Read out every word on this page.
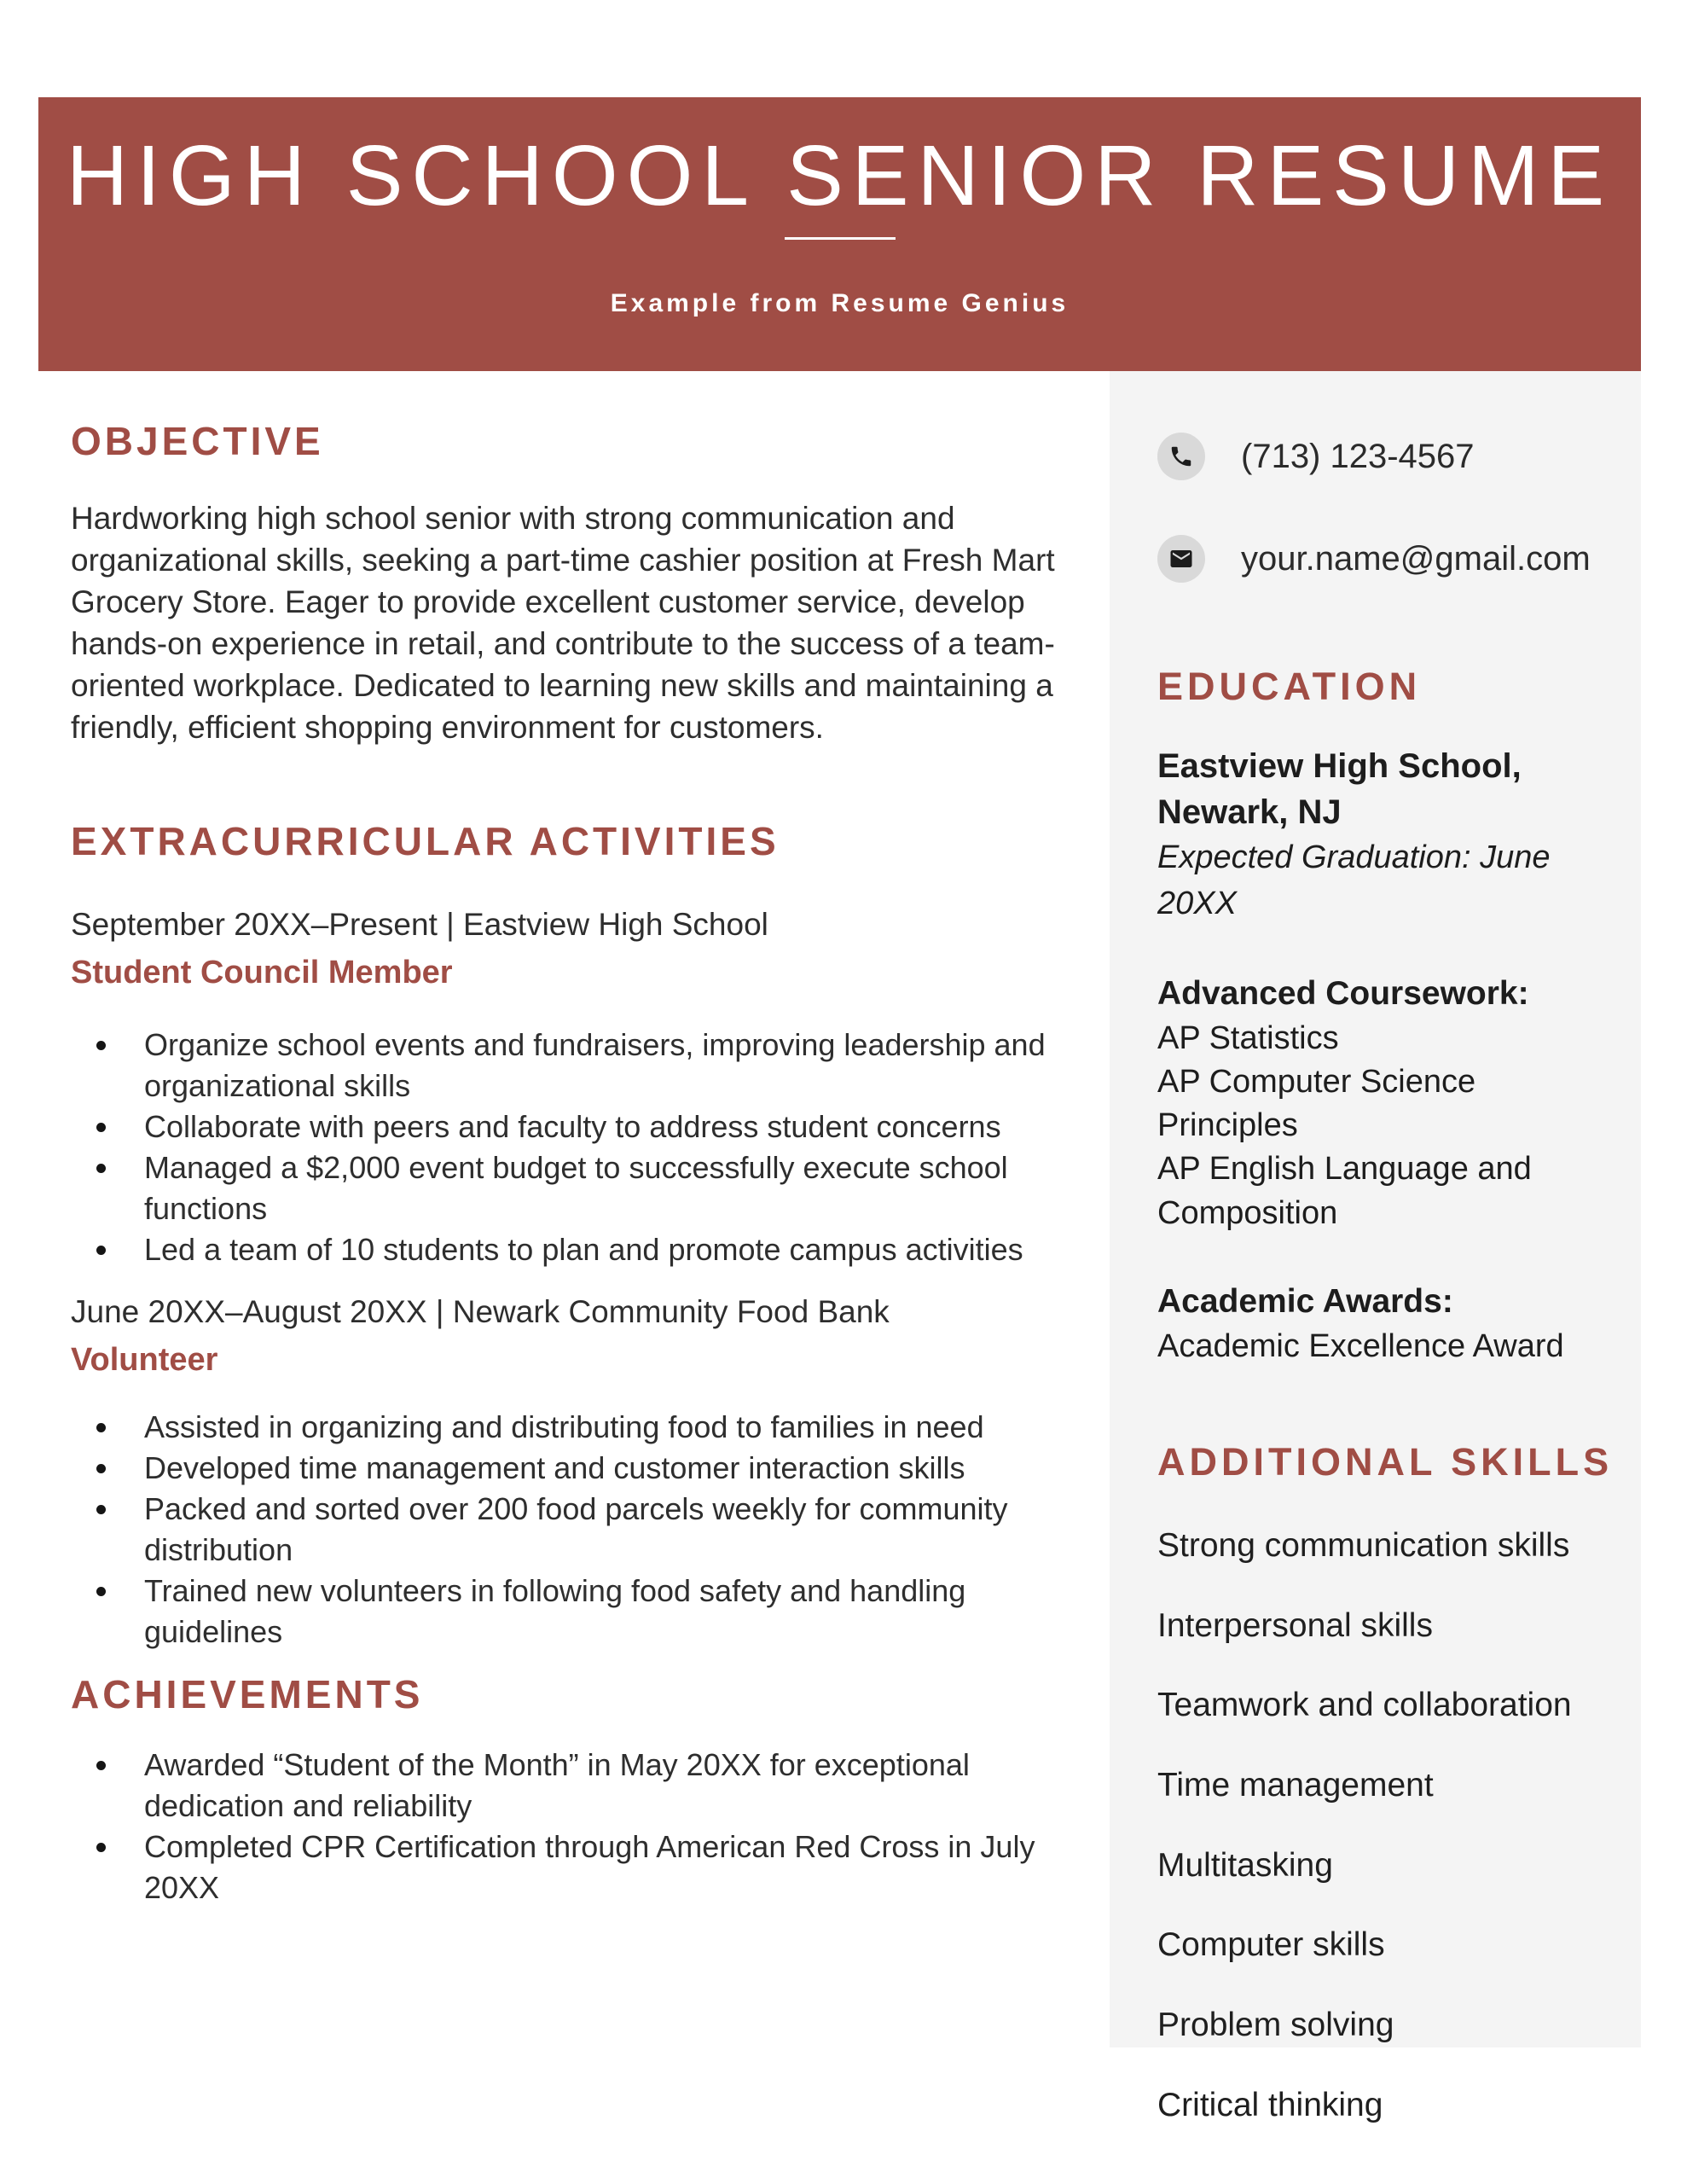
HIGH SCHOOL SENIOR RESUME
Example from Resume Genius
(713) 123-4567
your.name@gmail.com
EDUCATION
Eastview High School,
Newark, NJ
Expected Graduation: June 20XX
Advanced Coursework:
AP Statistics
AP Computer Science Principles
AP English Language and Composition
Academic Awards:
Academic Excellence Award
ADDITIONAL SKILLS
Strong communication skills
Interpersonal skills
Teamwork and collaboration
Time management
Multitasking
Computer skills
Problem solving
Critical thinking
OBJECTIVE

Hardworking high school senior with strong communication and organizational skills, seeking a part-time cashier position at Fresh Mart Grocery Store. Eager to provide excellent customer service, develop hands-on experience in retail, and contribute to the success of a team-oriented workplace. Dedicated to learning new skills and maintaining a friendly, efficient shopping environment for customers.

EXTRACURRICULAR ACTIVITIES
September 20XX–Present | Eastview High School
Student Council Member
Organize school events and fundraisers, improving leadership and organizational skills
Collaborate with peers and faculty to address student concerns
Managed a $2,000 event budget to successfully execute school functions
Led a team of 10 students to plan and promote campus activities
June 20XX–August 20XX | Newark Community Food Bank
Volunteer
Assisted in organizing and distributing food to families in need
Developed time management and customer interaction skills
Packed and sorted over 200 food parcels weekly for community distribution
Trained new volunteers in following food safety and handling guidelines
ACHIEVEMENTS
Awarded “Student of the Month” in May 20XX for exceptional dedication and reliability
Completed CPR Certification through American Red Cross in July 20XX
